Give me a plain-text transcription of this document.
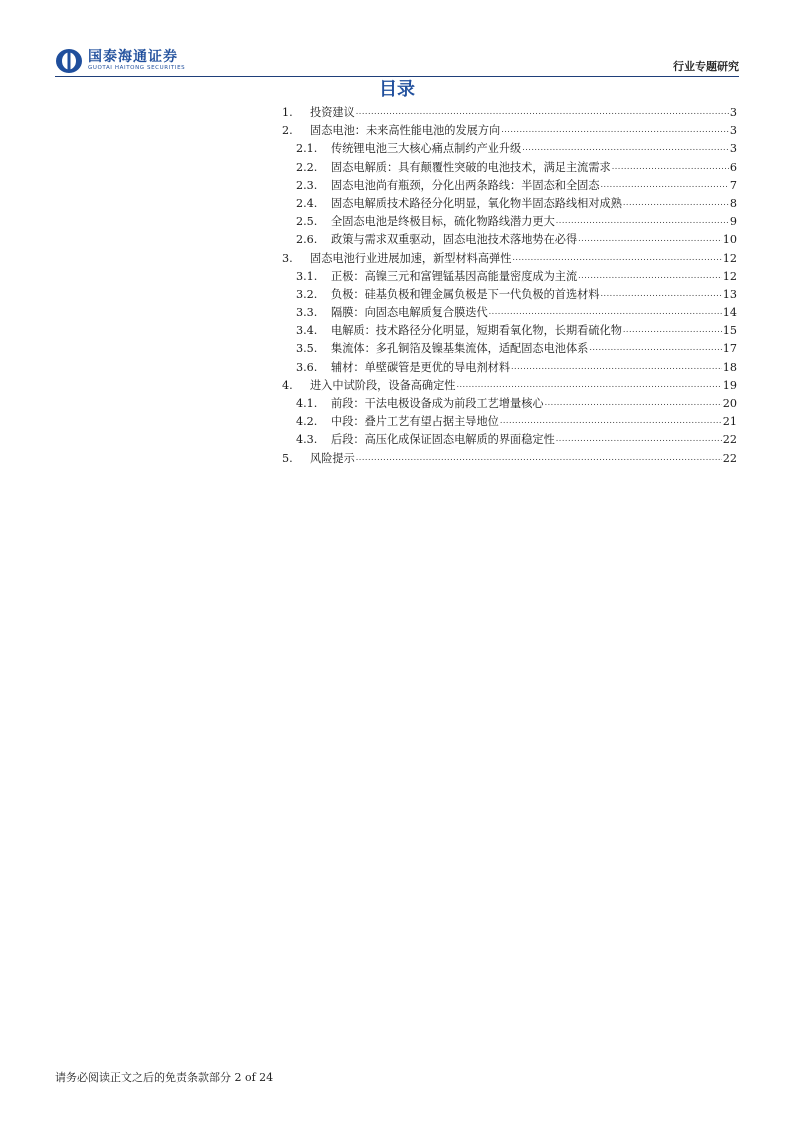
国泰海通证券
GUOTAI HAITONG SECURITIES	行业专题研究
目录
1.	投资建议 .....	3
2.	固态电池：未来高性能电池的发展方向 .....	3
2.1.	传统锂电池三大核心痛点制约产业升级 .....	3
2.2.	固态电解质：具有颠覆性突破的电池技术，满足主流需求 .....	6
2.3.	固态电池尚有瓶颈，分化出两条路线：半固态和全固态 .....	7
2.4.	固态电解质技术路径分化明显，氧化物半固态路线相对成熟 .....	8
2.5.	全固态电池是终极目标，硫化物路线潜力更大 .....	9
2.6.	政策与需求双重驱动，固态电池技术落地势在必得 .....	10
3.	固态电池行业进展加速，新型材料高弹性 .....	12
3.1.	正极：高镍三元和富锂锰基因高能量密度成为主流 .....	12
3.2.	负极：硅基负极和锂金属负极是下一代负极的首选材料 .....	13
3.3.	隔膜：向固态电解质复合膜迭代 .....	14
3.4.	电解质：技术路径分化明显，短期看氧化物，长期看硫化物 .....	15
3.5.	集流体：多孔铜箔及镍基集流体，适配固态电池体系 .....	17
3.6.	辅材：单壁碳管是更优的导电剂材料 .....	18
4.	进入中试阶段，设备高确定性 .....	19
4.1.	前段：干法电极设备成为前段工艺增量核心 .....	20
4.2.	中段：叠片工艺有望占据主导地位 .....	21
4.3.	后段：高压化成保证固态电解质的界面稳定性 .....	22
5.	风险提示 .....	22
请务必阅读正文之后的免责条款部分 2 of 24
